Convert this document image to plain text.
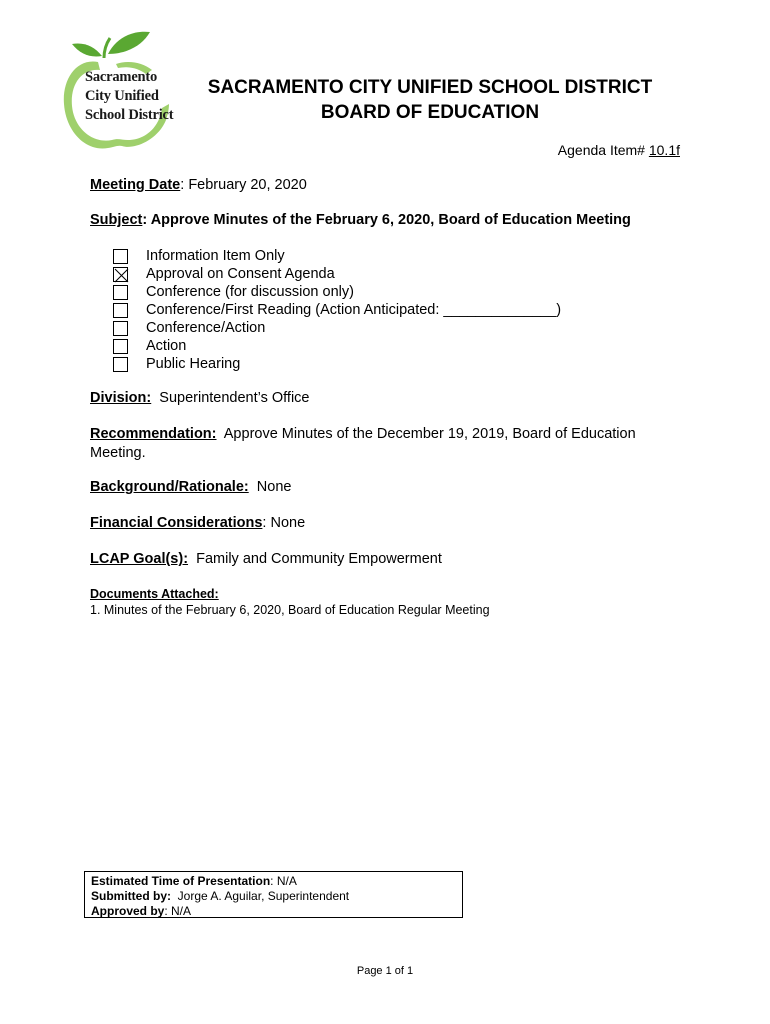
Sacramento
City Unified
School District
SACRAMENTO CITY UNIFIED SCHOOL DISTRICT
BOARD OF EDUCATION
Agenda Item# 10.1f
Meeting Date: February 20, 2020
Subject: Approve Minutes of the February 6, 2020, Board of Education Meeting
Information Item Only
Approval on Consent Agenda
Conference (for discussion only)
Conference/First Reading (Action Anticipated: ______________)
Conference/Action
Action
Public Hearing
Division: Superintendent’s Office
Recommendation: Approve Minutes of the December 19, 2019, Board of Education Meeting.
Background/Rationale: None
Financial Considerations: None
LCAP Goal(s): Family and Community Empowerment
Documents Attached:
1. Minutes of the February 6, 2020, Board of Education Regular Meeting
Estimated Time of Presentation: N/A
Submitted by: Jorge A. Aguilar, Superintendent
Approved by: N/A
Page 1 of 1
